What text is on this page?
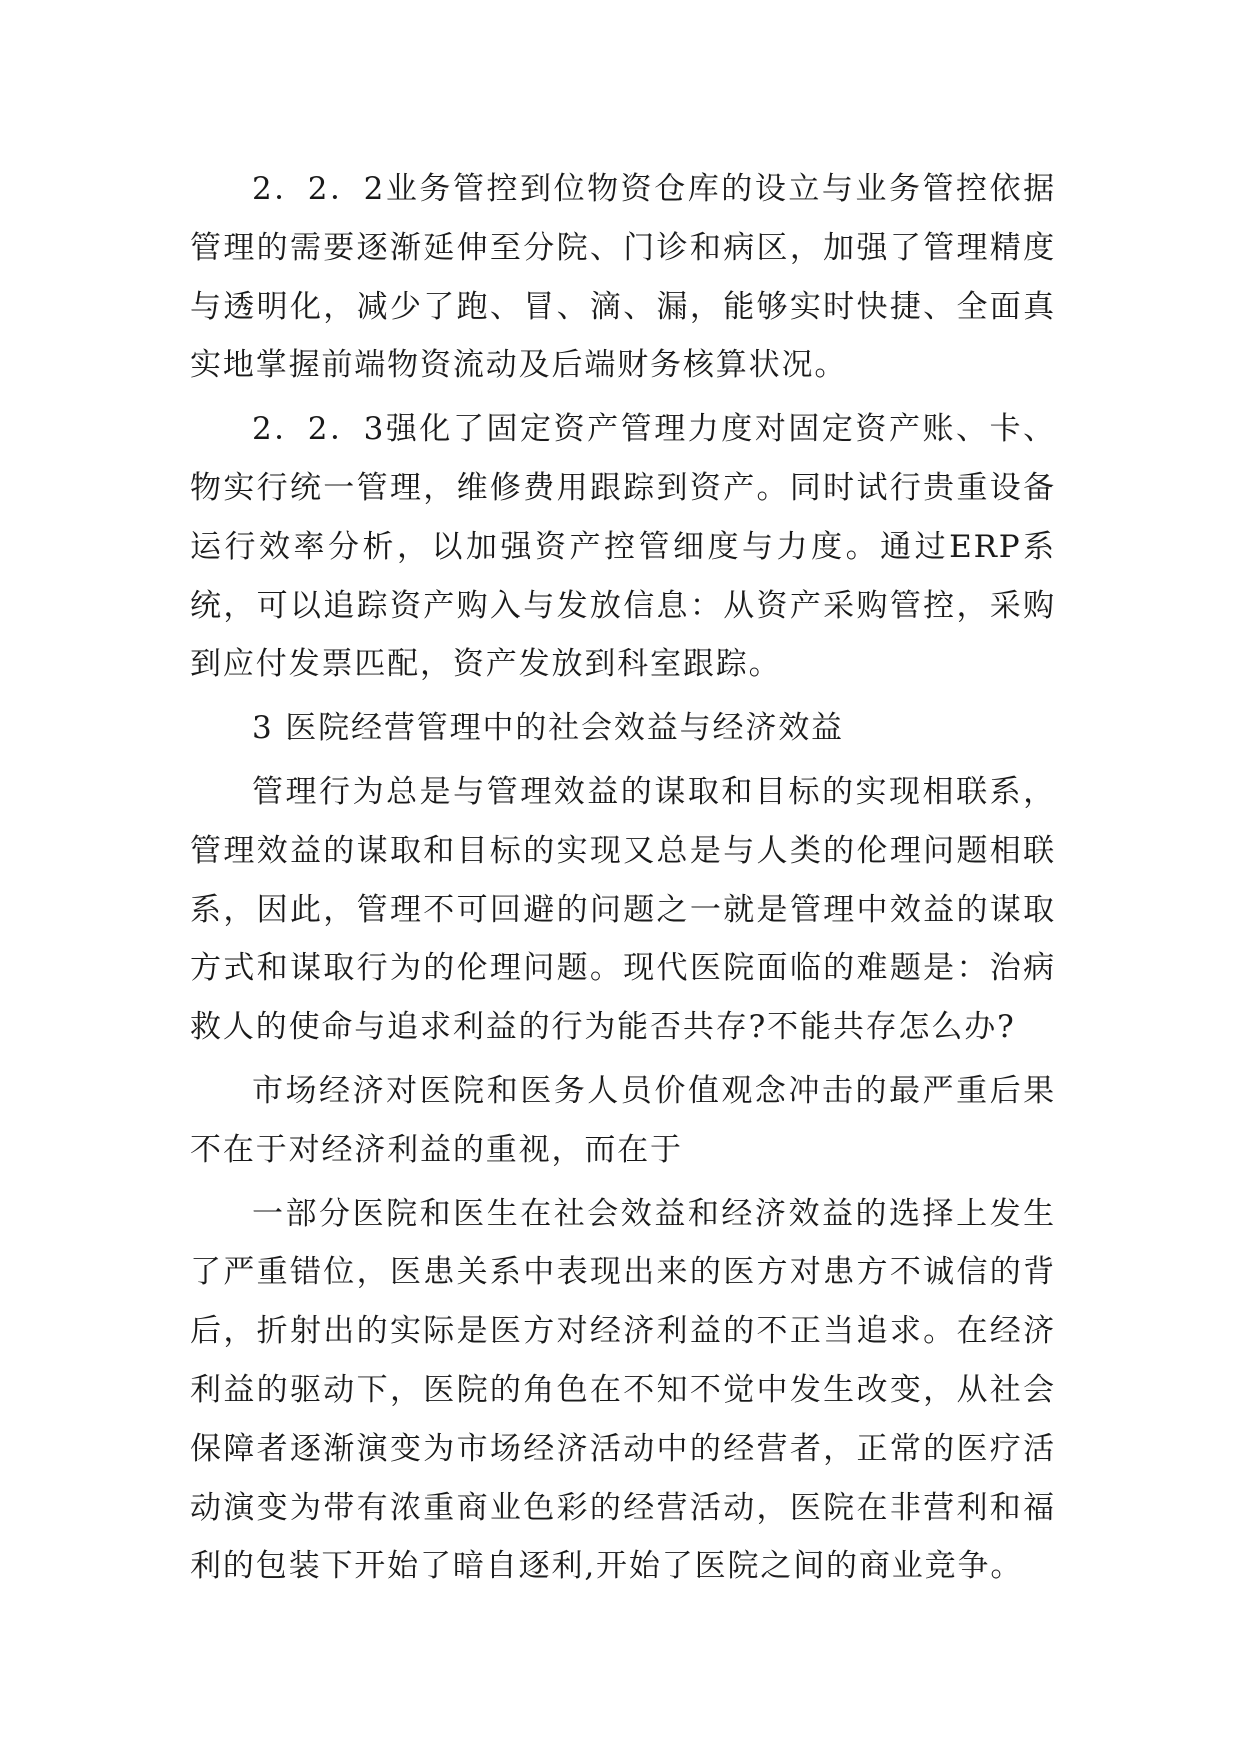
2．2．2业务管控到位物资仓库的设立与业务管控依据管理的需要逐渐延伸至分院、门诊和病区，加强了管理精度与透明化，减少了跑、冒、滴、漏，能够实时快捷、全面真实地掌握前端物资流动及后端财务核算状况。

2．2．3强化了固定资产管理力度对固定资产账、卡、物实行统一管理，维修费用跟踪到资产。同时试行贵重设备运行效率分析，以加强资产控管细度与力度。通过ERP系统，可以追踪资产购入与发放信息：从资产采购管控，采购到应付发票匹配，资产发放到科室跟踪。

3 医院经营管理中的社会效益与经济效益

管理行为总是与管理效益的谋取和目标的实现相联系，管理效益的谋取和目标的实现又总是与人类的伦理问题相联系，因此，管理不可回避的问题之一就是管理中效益的谋取方式和谋取行为的伦理问题。现代医院面临的难题是：治病救人的使命与追求利益的行为能否共存?不能共存怎么办?

市场经济对医院和医务人员价值观念冲击的最严重后果不在于对经济利益的重视，而在于

一部分医院和医生在社会效益和经济效益的选择上发生了严重错位，医患关系中表现出来的医方对患方不诚信的背后，折射出的实际是医方对经济利益的不正当追求。在经济利益的驱动下，医院的角色在不知不觉中发生改变，从社会保障者逐渐演变为市场经济活动中的经营者，正常的医疗活动演变为带有浓重商业色彩的经营活动，医院在非营利和福利的包装下开始了暗自逐利,开始了医院之间的商业竞争。
